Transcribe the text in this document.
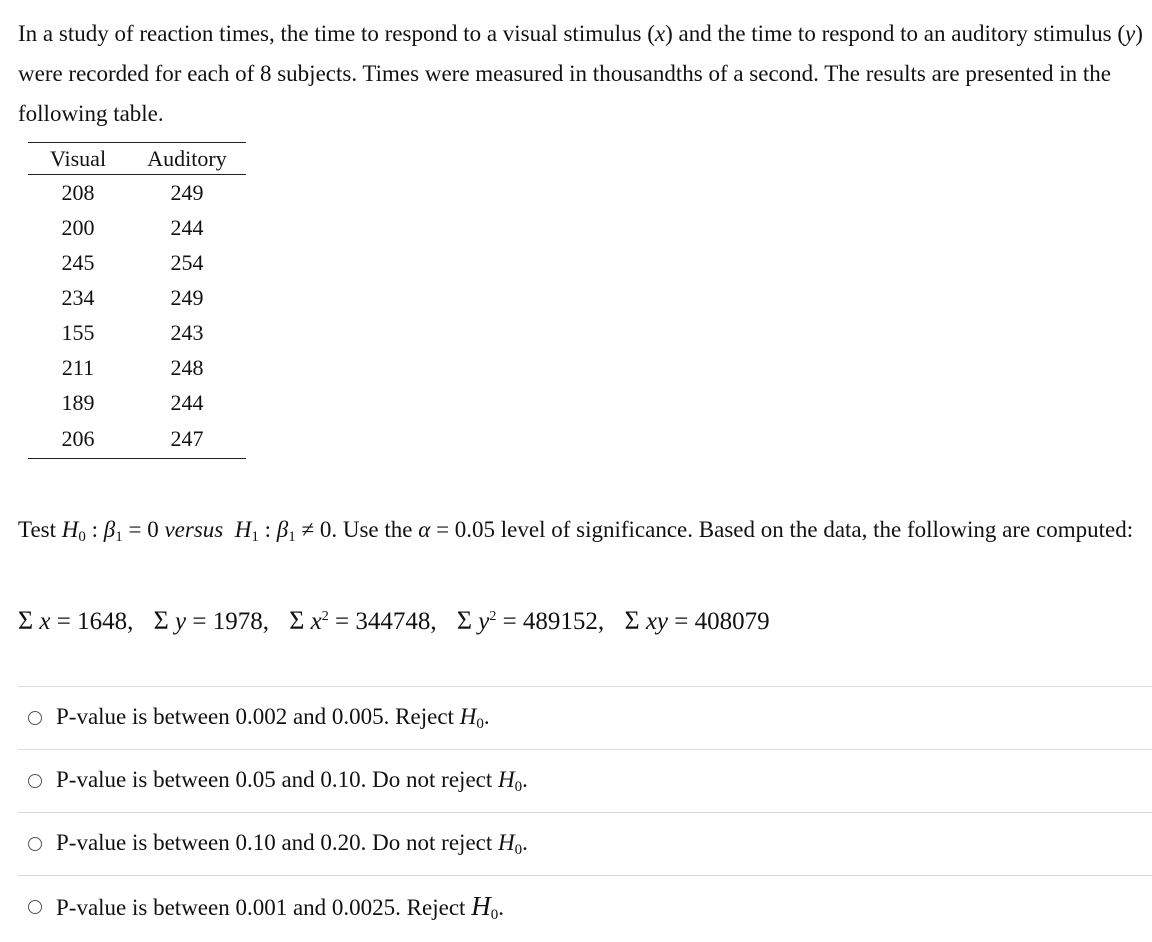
In a study of reaction times, the time to respond to a visual stimulus (x) and the time to respond to an auditory stimulus (y) were recorded for each of 8 subjects. Times were measured in thousandths of a second. The results are presented in the following table.

Visual	Auditory
208	249
200	244
245	254
234	249
155	243
211	248
189	244
206	247

Test $H_0$ : $\beta_1 = 0$ versus $H_1$ : $\beta_1 \ne 0$. Use the α = 0.05 level of significance. Based on the data, the following are computed:

Σ x = 1648, Σ y = 1978, Σ $x^2 = 344748$, Σ $y^2 = 489152$, Σ xy = 408079
P-value is between 0.002 and 0.005. Reject $H_0$.
P-value is between 0.05 and 0.10. Do not reject $H_0$.
P-value is between 0.10 and 0.20. Do not reject $H_0$.
P-value is between 0.001 and 0.0025. Reject $H_0$.
